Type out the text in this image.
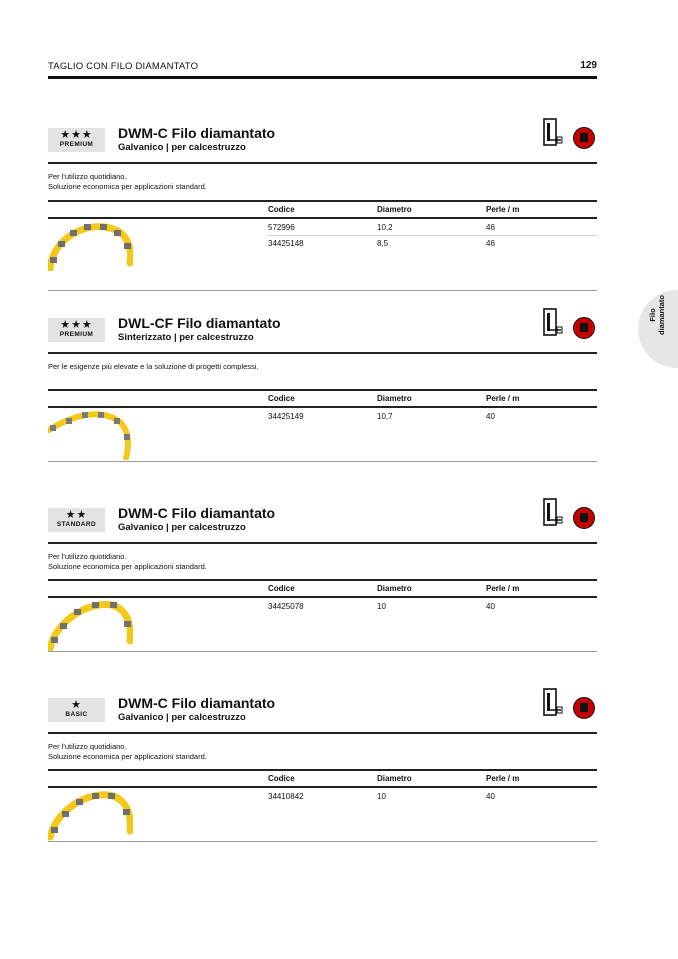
TAGLIO CON FILO DIAMANTATO	129
Filo diamantato
★★★
PREMIUM
DWM-C Filo diamantato
Galvanico | per calcestruzzo
Per l'utilizzo quotidiano.
Soluzione economica per applicazioni standard.
Codice	Diametro	Perle / m
572996	10,2	46
34425148	8,5	46
★★★
PREMIUM
DWL-CF Filo diamantato
Sinterizzato | per calcestruzzo
Per le esigenze più elevate e la soluzione di progetti complessi.
Codice	Diametro	Perle / m
34425149	10,7	40
★★
STANDARD
DWM-C Filo diamantato
Galvanico | per calcestruzzo
Per l'utilizzo quotidiano.
Soluzione economica per applicazioni standard.
Codice	Diametro	Perle / m
34425078	10	40
★
BASIC
DWM-C Filo diamantato
Galvanico | per calcestruzzo
Per l'utilizzo quotidiano.
Soluzione economica per applicazioni standard.
Codice	Diametro	Perle / m
34410842	10	40
